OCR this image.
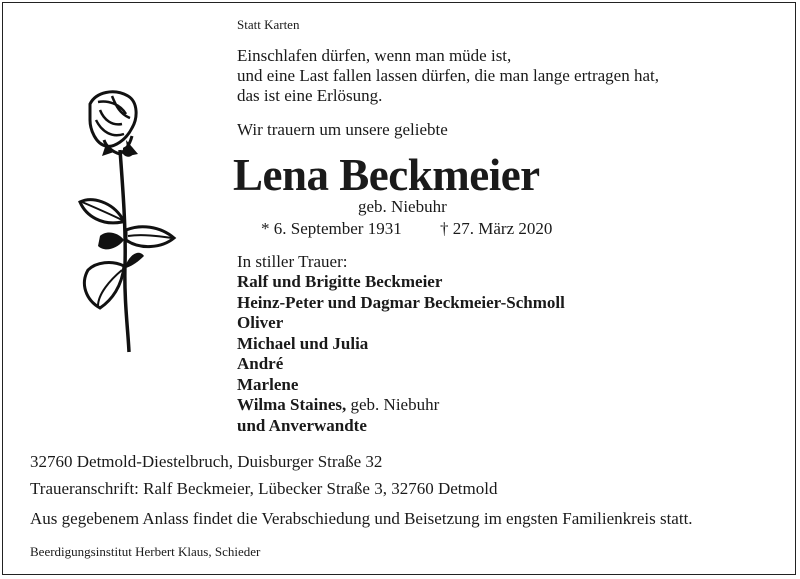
Statt Karten
Einschlafen dürfen, wenn man müde ist,
und eine Last fallen lassen dürfen, die man lange ertragen hat,
das ist eine Erlösung.
Wir trauern um unsere geliebte
Lena Beckmeier
geb. Niebuhr
* 6. September 1931 † 27. März 2020
In stiller Trauer:
Ralf und Brigitte Beckmeier
Heinz-Peter und Dagmar Beckmeier-Schmoll
Oliver
Michael und Julia
André
Marlene
Wilma Staines, geb. Niebuhr
und Anverwandte
32760 Detmold-Diestelbruch, Duisburger Straße 32
Traueranschrift: Ralf Beckmeier, Lübecker Straße 3, 32760 Detmold
Aus gegebenem Anlass findet die Verabschiedung und Beisetzung im engsten Familienkreis statt.
Beerdigungsinstitut Herbert Klaus, Schieder
